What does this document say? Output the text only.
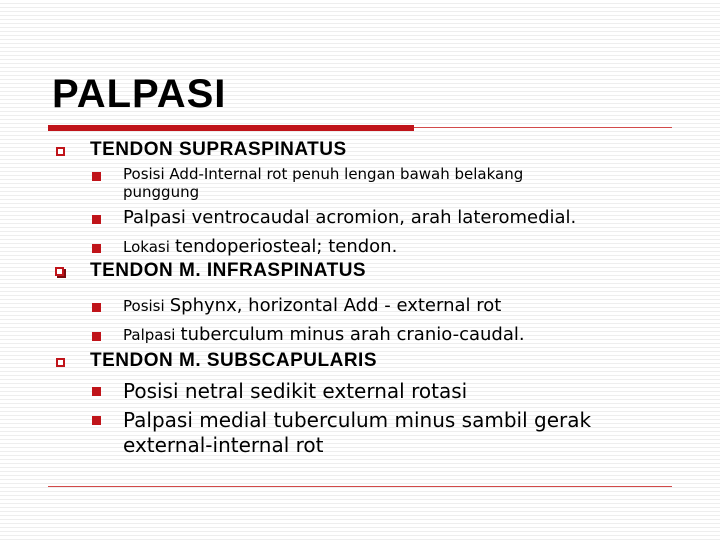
PALPASI
TENDON SUPRASPINATUS
Posisi Add-Internal rot penuh lengan bawah belakang
punggung
Palpasi ventrocaudal acromion, arah lateromedial.
Lokasi tendoperiosteal; tendon.
TENDON M. INFRASPINATUS
Posisi Sphynx, horizontal Add - external rot
Palpasi tuberculum minus arah cranio-caudal.
TENDON M. SUBSCAPULARIS
Posisi netral sedikit external rotasi
Palpasi medial tuberculum minus sambil gerak
external-internal rot
